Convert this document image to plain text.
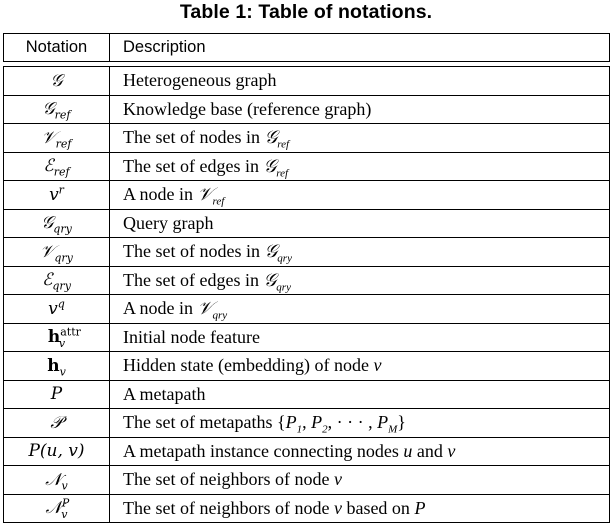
Table 1: Table of notations.
Notation	Description

𝒢	Heterogeneous graph
𝒢$_{ref}$	Knowledge base (reference graph)
𝒱$_{ref}$	The set of nodes in 𝒢$_{ref}$
ℰ$_{ref}$	The set of edges in 𝒢$_{ref}$
$v^r$	A node in 𝒱$_{ref}$
𝒢$_{qry}$	Query graph
𝒱$_{qry}$	The set of nodes in 𝒢$_{qry}$
ℰ$_{qry}$	The set of edges in 𝒢$_{qry}$
$v^q$	A node in 𝒱$_{qry}$
$h^{attr}_v$	Initial node feature
$h_v$	Hidden state (embedding) of node v
P	A metapath
𝒫	The set of metapaths {$P_1$, $P_2$, · · · , $P_M$}
P(u, v)	A metapath instance connecting nodes u and v
𝒩$_v$	The set of neighbors of node v
𝒩$^P_v$	The set of neighbors of node v based on P
